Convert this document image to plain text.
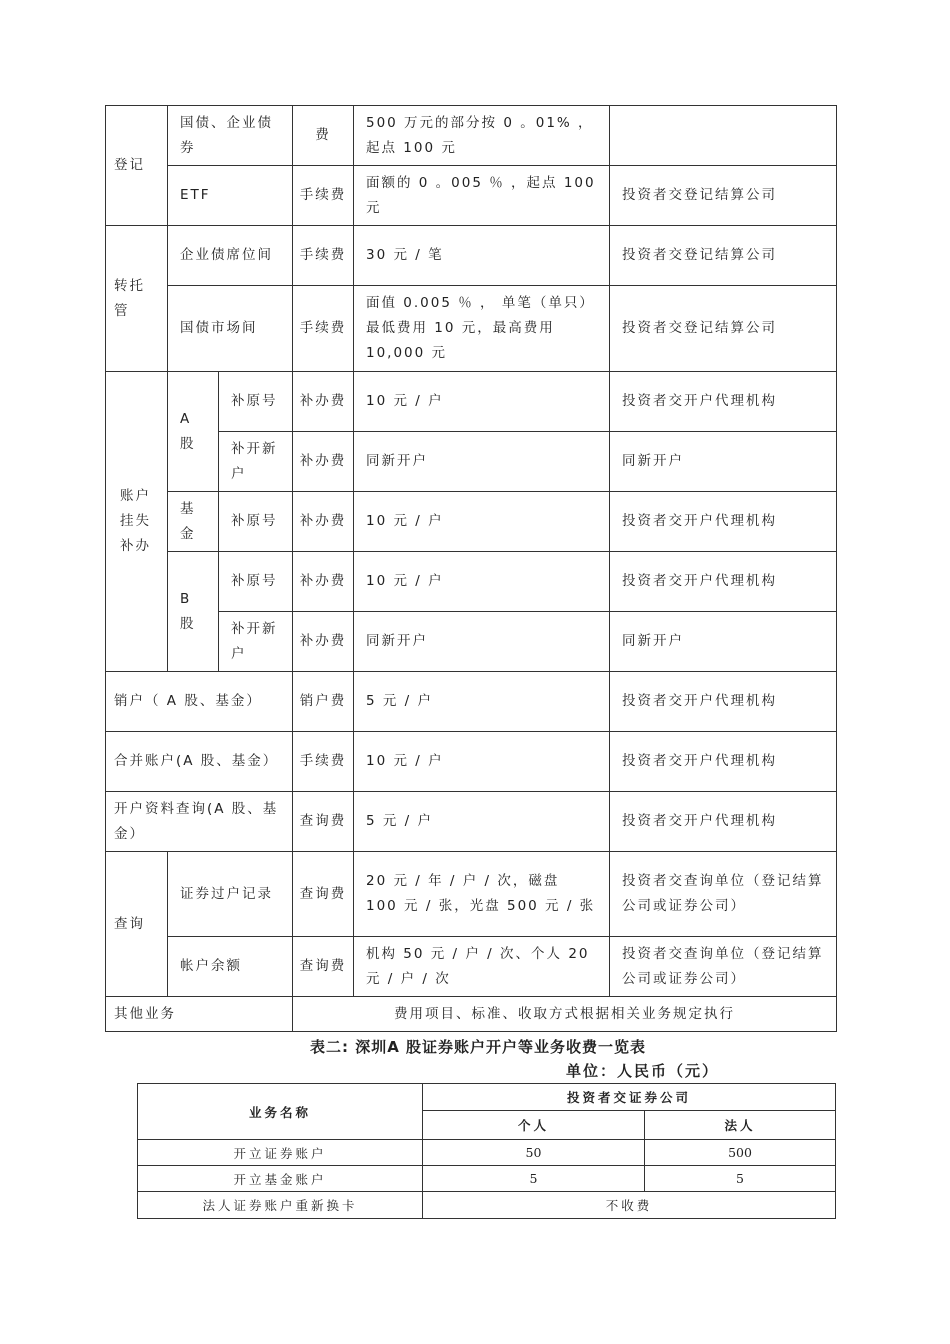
登记	国债、企业债券		费	500 万元的部分按 0 。01% ，起点 100 元	
	ETF		手续费	面额的 0 。005 ％ ，起点 100 元	投资者交登记结算公司
转托管	企业债席位间		手续费	30 元 / 笔	投资者交登记结算公司
	国债市场间		手续费	面值 0.005 ％ ， 单笔（单只）最低费用 10 元，最高费用 10,000 元	投资者交登记结算公司
账户挂失补办	A 股	补原号	补办费	10 元 / 户	投资者交开户代理机构
		补开新户	补办费	同新开户	同新开户
	基金	补原号	补办费	10 元 / 户	投资者交开户代理机构
	B 股	补原号	补办费	10 元 / 户	投资者交开户代理机构
		补开新户	补办费	同新开户	同新开户
销户（ A 股、基金）			销户费	5 元 / 户	投资者交开户代理机构
合并账户(A 股、基金）			手续费	10 元 / 户	投资者交开户代理机构
开户资料查询(A 股、基金）			查询费	5 元 / 户	投资者交开户代理机构
查询	证券过户记录		查询费	20 元 / 年 / 户 / 次，磁盘 100 元 / 张，光盘 500 元 / 张	投资者交查询单位（登记结算公司或证券公司）
	帐户余额		查询费	机构 50 元 / 户 / 次、个人 20 元 / 户 / 次	投资者交查询单位（登记结算公司或证券公司）
其他业务			费用项目、标准、收取方式根据相关业务规定执行		
表二: 深圳A 股证券账户开户等业务收费一览表
单位：人民币（元）
业务名称	投资者交证券公司	
	个人	法人
开立证券账户	50	500
开立基金账户	5	5
法人证券账户重新换卡	不收费	
